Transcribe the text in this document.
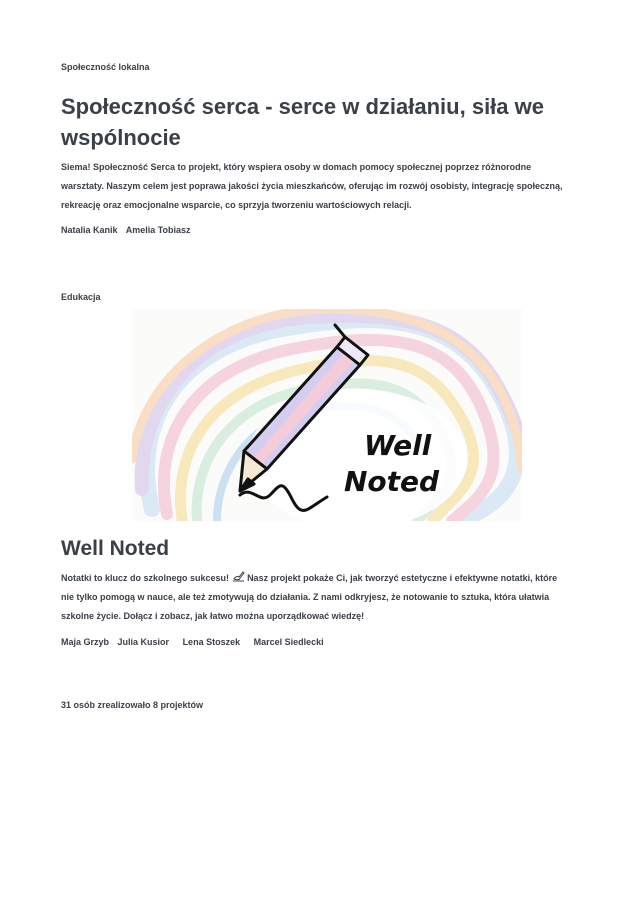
Społeczność lokalna
Społeczność serca - serce w działaniu, siła we wspólnocie

Siema! Społeczność Serca to projekt, który wspiera osoby w domach pomocy społecznej poprzez różnorodne warsztaty. Naszym celem jest poprawa jakości życia mieszkańców, oferując im rozwój osobisty, integrację społeczną, rekreację oraz emocjonalne wsparcie, co sprzyja tworzeniu wartościowych relacji.

Natalia Kanik Amelia Tobiasz
Edukacja
Well
Noted
Well Noted

Notatki to klucz do szkolnego sukcesu! Nasz projekt pokaże Ci, jak tworzyć estetyczne i efektywne notatki, które nie tylko pomogą w nauce, ale też zmotywują do działania. Z nami odkryjesz, że notowanie to sztuka, która ułatwia szkolne życie. Dołącz i zobacz, jak łatwo można uporządkować wiedzę!

Maja Grzyb Julia Kusior Lena Stoszek Marcel Siedlecki
31 osób zrealizowało 8 projektów
